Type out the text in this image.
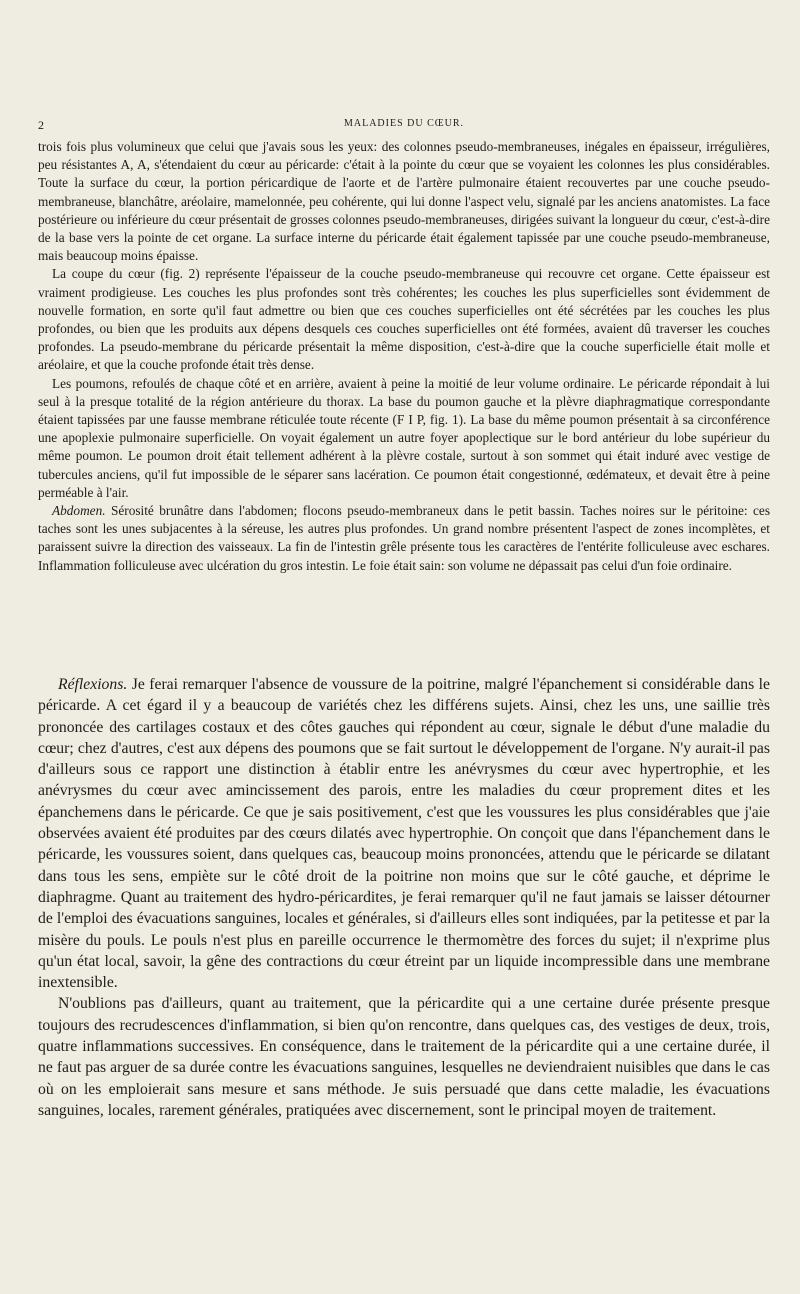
2	MALADIES DU CŒUR.

trois fois plus volumineux que celui que j'avais sous les yeux: des colonnes pseudo-membraneuses, inégales en épaisseur, irrégulières, peu résistantes A, A, s'étendaient du cœur au péricarde: c'était à la pointe du cœur que se voyaient les colonnes les plus considérables. Toute la surface du cœur, la portion péricardique de l'aorte et de l'artère pulmonaire étaient recouvertes par une couche pseudo-membraneuse, blanchâtre, aréolaire, mamelonnée, peu cohérente, qui lui donne l'aspect velu, signalé par les anciens anatomistes. La face postérieure ou inférieure du cœur présentait de grosses colonnes pseudo-membraneuses, dirigées suivant la longueur du cœur, c'est-à-dire de la base vers la pointe de cet organe. La surface interne du péricarde était également tapissée par une couche pseudo-membraneuse, mais beaucoup moins épaisse.

La coupe du cœur (fig. 2) représente l'épaisseur de la couche pseudo-membraneuse qui recouvre cet organe. Cette épaisseur est vraiment prodigieuse. Les couches les plus profondes sont très cohérentes; les couches les plus superficielles sont évidemment de nouvelle formation, en sorte qu'il faut admettre ou bien que ces couches superficielles ont été sécrétées par les couches les plus profondes, ou bien que les produits aux dépens desquels ces couches superficielles ont été formées, avaient dû traverser les couches profondes. La pseudo-membrane du péricarde présentait la même disposition, c'est-à-dire que la couche superficielle était molle et aréolaire, et que la couche profonde était très dense.

Les poumons, refoulés de chaque côté et en arrière, avaient à peine la moitié de leur volume ordinaire. Le péricarde répondait à lui seul à la presque totalité de la région antérieure du thorax. La base du poumon gauche et la plèvre diaphragmatique correspondante étaient tapissées par une fausse membrane réticulée toute récente (F I P, fig. 1). La base du même poumon présentait à sa circonférence une apoplexie pulmonaire superficielle. On voyait également un autre foyer apoplectique sur le bord antérieur du lobe supérieur du même poumon. Le poumon droit était tellement adhérent à la plèvre costale, surtout à son sommet qui était induré avec vestige de tubercules anciens, qu'il fut impossible de le séparer sans lacération. Ce poumon était congestionné, œdémateux, et devait être à peine perméable à l'air.

Abdomen. Sérosité brunâtre dans l'abdomen; flocons pseudo-membraneux dans le petit bassin. Taches noires sur le péritoine: ces taches sont les unes subjacentes à la séreuse, les autres plus profondes. Un grand nombre présentent l'aspect de zones incomplètes, et paraissent suivre la direction des vaisseaux. La fin de l'intestin grêle présente tous les caractères de l'entérite folliculeuse avec eschares. Inflammation folliculeuse avec ulcération du gros intestin. Le foie était sain: son volume ne dépassait pas celui d'un foie ordinaire.

Réflexions. Je ferai remarquer l'absence de voussure de la poitrine, malgré l'épanchement si considérable dans le péricarde. A cet égard il y a beaucoup de variétés chez les différens sujets. Ainsi, chez les uns, une saillie très prononcée des cartilages costaux et des côtes gauches qui répondent au cœur, signale le début d'une maladie du cœur; chez d'autres, c'est aux dépens des poumons que se fait surtout le développement de l'organe. N'y aurait-il pas d'ailleurs sous ce rapport une distinction à établir entre les anévrysmes du cœur avec hypertrophie, et les anévrysmes du cœur avec amincissement des parois, entre les maladies du cœur proprement dites et les épanchemens dans le péricarde. Ce que je sais positivement, c'est que les voussures les plus considérables que j'aie observées avaient été produites par des cœurs dilatés avec hypertrophie. On conçoit que dans l'épanchement dans le péricarde, les voussures soient, dans quelques cas, beaucoup moins prononcées, attendu que le péricarde se dilatant dans tous les sens, empiète sur le côté droit de la poitrine non moins que sur le côté gauche, et déprime le diaphragme. Quant au traitement des hydro-péricardites, je ferai remarquer qu'il ne faut jamais se laisser détourner de l'emploi des évacuations sanguines, locales et générales, si d'ailleurs elles sont indiquées, par la petitesse et par la misère du pouls. Le pouls n'est plus en pareille occurrence le thermomètre des forces du sujet; il n'exprime plus qu'un état local, savoir, la gêne des contractions du cœur étreint par un liquide incompressible dans une membrane inextensible.

N'oublions pas d'ailleurs, quant au traitement, que la péricardite qui a une certaine durée présente presque toujours des recrudescences d'inflammation, si bien qu'on rencontre, dans quelques cas, des vestiges de deux, trois, quatre inflammations successives. En conséquence, dans le traitement de la péricardite qui a une certaine durée, il ne faut pas arguer de sa durée contre les évacuations sanguines, lesquelles ne deviendraient nuisibles que dans le cas où on les emploierait sans mesure et sans méthode. Je suis persuadé que dans cette maladie, les évacuations sanguines, locales, rarement générales, pratiquées avec discernement, sont le principal moyen de traitement.
